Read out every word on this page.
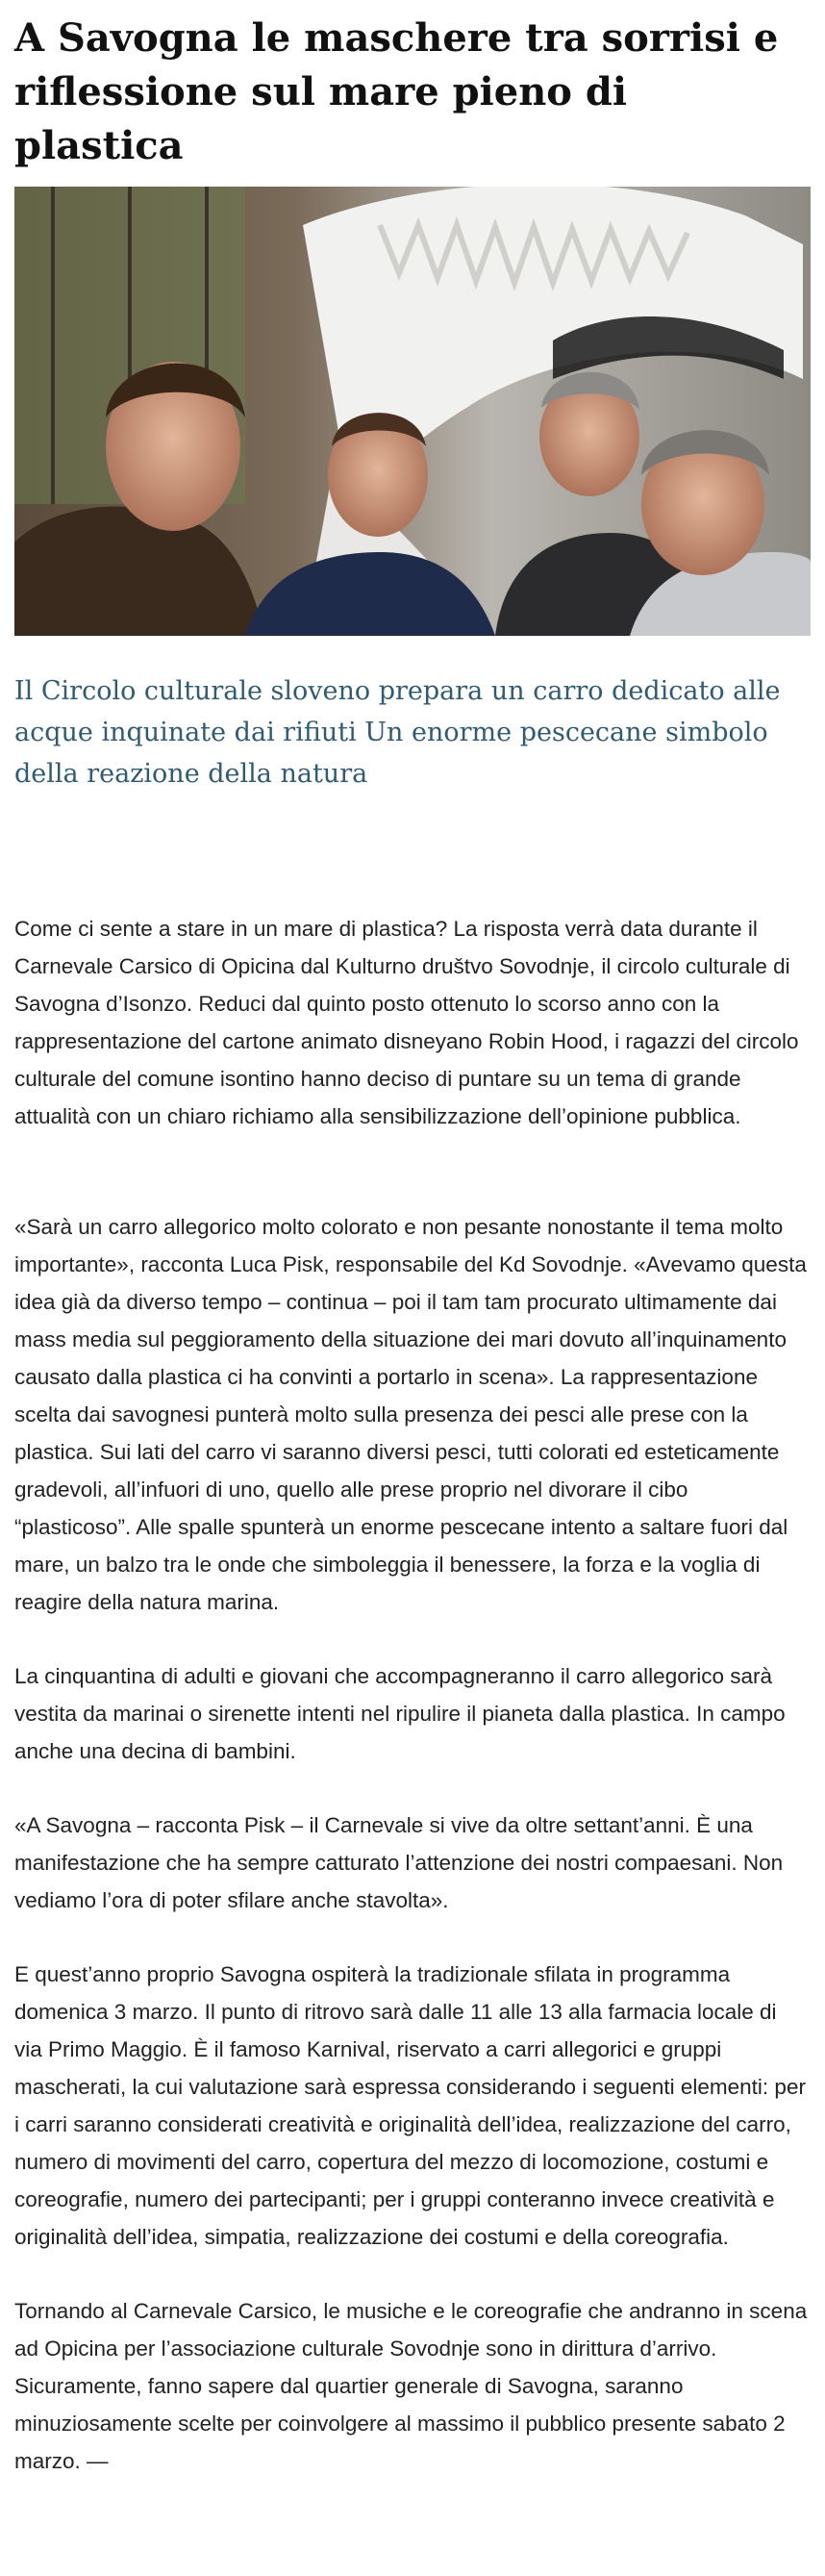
A Savogna le maschere tra sorrisi e riflessione sul mare pieno di plastica

Il Circolo culturale sloveno prepara un carro dedicato alle acque inquinate dai rifiuti Un enorme pescecane simbolo della reazione della natura

Come ci sente a stare in un mare di plastica? La risposta verrà data durante il Carnevale Carsico di Opicina dal Kulturno društvo Sovodnje, il circolo culturale di Savogna d’Isonzo. Reduci dal quinto posto ottenuto lo scorso anno con la rappresentazione del cartone animato disneyano Robin Hood, i ragazzi del circolo culturale del comune isontino hanno deciso di puntare su un tema di grande attualità con un chiaro richiamo alla sensibilizzazione dell’opinione pubblica.

«Sarà un carro allegorico molto colorato e non pesante nonostante il tema molto importante», racconta Luca Pisk, responsabile del Kd Sovodnje. «Avevamo questa idea già da diverso tempo – continua – poi il tam tam procurato ultimamente dai mass media sul peggioramento della situazione dei mari dovuto all’inquinamento causato dalla plastica ci ha convinti a portarlo in scena». La rappresentazione scelta dai savognesi punterà molto sulla presenza dei pesci alle prese con la plastica. Sui lati del carro vi saranno diversi pesci, tutti colorati ed esteticamente gradevoli, all’infuori di uno, quello alle prese proprio nel divorare il cibo “plasticoso”. Alle spalle spunterà un enorme pescecane intento a saltare fuori dal mare, un balzo tra le onde che simboleggia il benessere, la forza e la voglia di reagire della natura marina.

La cinquantina di adulti e giovani che accompagneranno il carro allegorico sarà vestita da marinai o sirenette intenti nel ripulire il pianeta dalla plastica. In campo anche una decina di bambini.

«A Savogna – racconta Pisk – il Carnevale si vive da oltre settant’anni. È una manifestazione che ha sempre catturato l’attenzione dei nostri compaesani. Non vediamo l’ora di poter sfilare anche stavolta».

E quest’anno proprio Savogna ospiterà la tradizionale sfilata in programma domenica 3 marzo. Il punto di ritrovo sarà dalle 11 alle 13 alla farmacia locale di via Primo Maggio. È il famoso Karnival, riservato a carri allegorici e gruppi mascherati, la cui valutazione sarà espressa considerando i seguenti elementi: per i carri saranno considerati creatività e originalità dell’idea, realizzazione del carro, numero di movimenti del carro, copertura del mezzo di locomozione, costumi e coreografie, numero dei partecipanti; per i gruppi conteranno invece creatività e originalità dell’idea, simpatia, realizzazione dei costumi e della coreografia.

Tornando al Carnevale Carsico, le musiche e le coreografie che andranno in scena ad Opicina per l’associazione culturale Sovodnje sono in dirittura d’arrivo. Sicuramente, fanno sapere dal quartier generale di Savogna, saranno minuziosamente scelte per coinvolgere al massimo il pubblico presente sabato 2 marzo. —
